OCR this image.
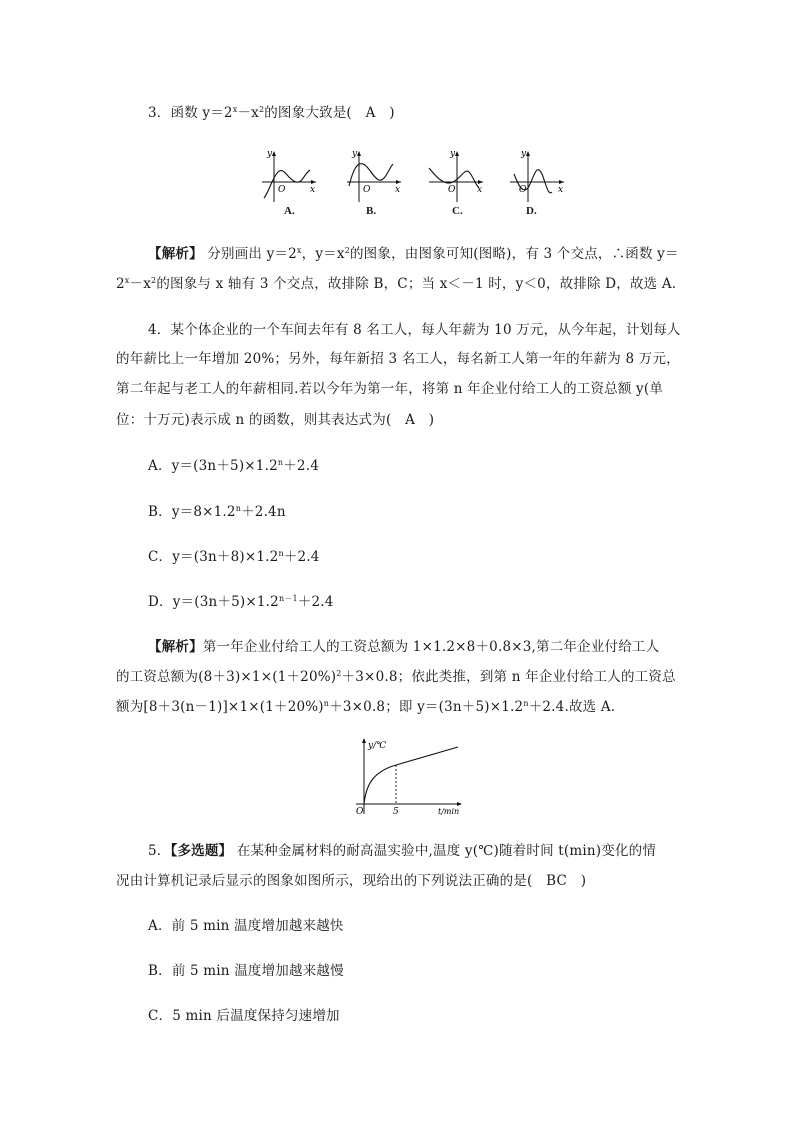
3．函数 $y=2^x-x^2$的图象大致是(　A　)
y
x
O
y
x
O
y
x
O
y
x
O
A.	B.	C.	D.
【解析】 分别画出 $y=2^x$，$y=x^2$的图象，由图象可知(图略)，有 3 个交点，∴函数 y＝
$2^x-x^2$的图象与 x 轴有 3 个交点，故排除 B，C；当 x＜－1 时，y＜0，故排除 D，故选 A.
4．某个体企业的一个车间去年有 8 名工人，每人年薪为 10 万元，从今年起，计划每人
的年薪比上一年增加 20%；另外，每年新招 3 名工人，每名新工人第一年的年薪为 8 万元，
第二年起与老工人的年薪相同.若以今年为第一年，将第 n 年企业付给工人的工资总额 y(单
位：十万元)表示成 n 的函数，则其表达式为(　A　)
A．$y=(3n+5)\times 1.2^n+2.4$
B．$y=8\times 1.2^n+2.4n$
C．$y=(3n+8)\times 1.2^n+2.4$
D．$y=(3n+5)\times 1.2^{n-1}+2.4$
【解析】第一年企业付给工人的工资总额为 1×1.2×8＋0.8×3,第二年企业付给工人
的工资总额为$(8+3)\times 1\times(1+20\%)^2+3\times 0.8$；依此类推，到第 n 年企业付给工人的工资总
额为$[8+3(n-1)]\times 1\times(1+20\%)^n+3\times 0.8$；即 $y=(3n+5)\times 1.2^n+2.4$.故选 A.
y/℃
t/min
O	5
5．【多选题】 在某种金属材料的耐高温实验中,温度 y(℃)随着时间 t(min)变化的情
况由计算机记录后显示的图象如图所示，现给出的下列说法正确的是(　BC　)
A．前 5 min 温度增加越来越快
B．前 5 min 温度增加越来越慢
C．5 min 后温度保持匀速增加
